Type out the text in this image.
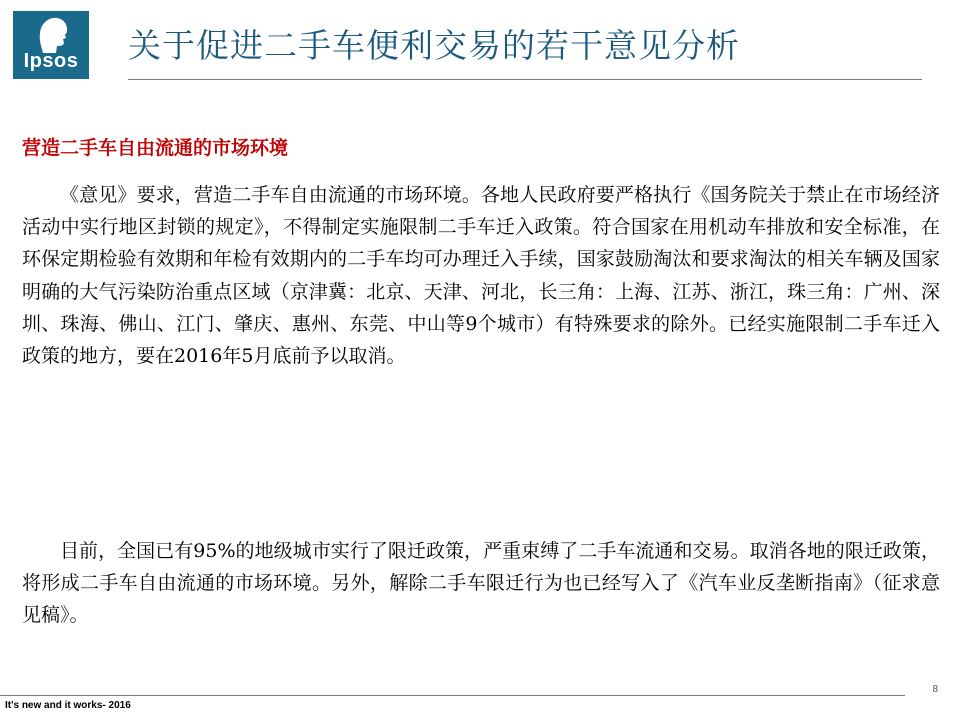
Ipsos 关于促进二手车便利交易的若干意见分析
营造二手车自由流通的市场环境

《意见》要求，营造二手车自由流通的市场环境。各地人民政府要严格执行《国务院关于禁止在市场经济活动中实行地区封锁的规定》，不得制定实施限制二手车迁入政策。符合国家在用机动车排放和安全标准，在环保定期检验有效期和年检有效期内的二手车均可办理迁入手续，国家鼓励淘汰和要求淘汰的相关车辆及国家明确的大气污染防治重点区域（京津冀：北京、天津、河北，长三角：上海、江苏、浙江，珠三角：广州、深圳、珠海、佛山、江门、肇庆、惠州、东莞、中山等9个城市）有特殊要求的除外。已经实施限制二手车迁入政策的地方，要在2016年5月底前予以取消。

目前，全国已有95%的地级城市实行了限迁政策，严重束缚了二手车流通和交易。取消各地的限迁政策，将形成二手车自由流通的市场环境。另外，解除二手车限迁行为也已经写入了《汽车业反垄断指南》（征求意见稿》。

8
It's new and it works- 2016
